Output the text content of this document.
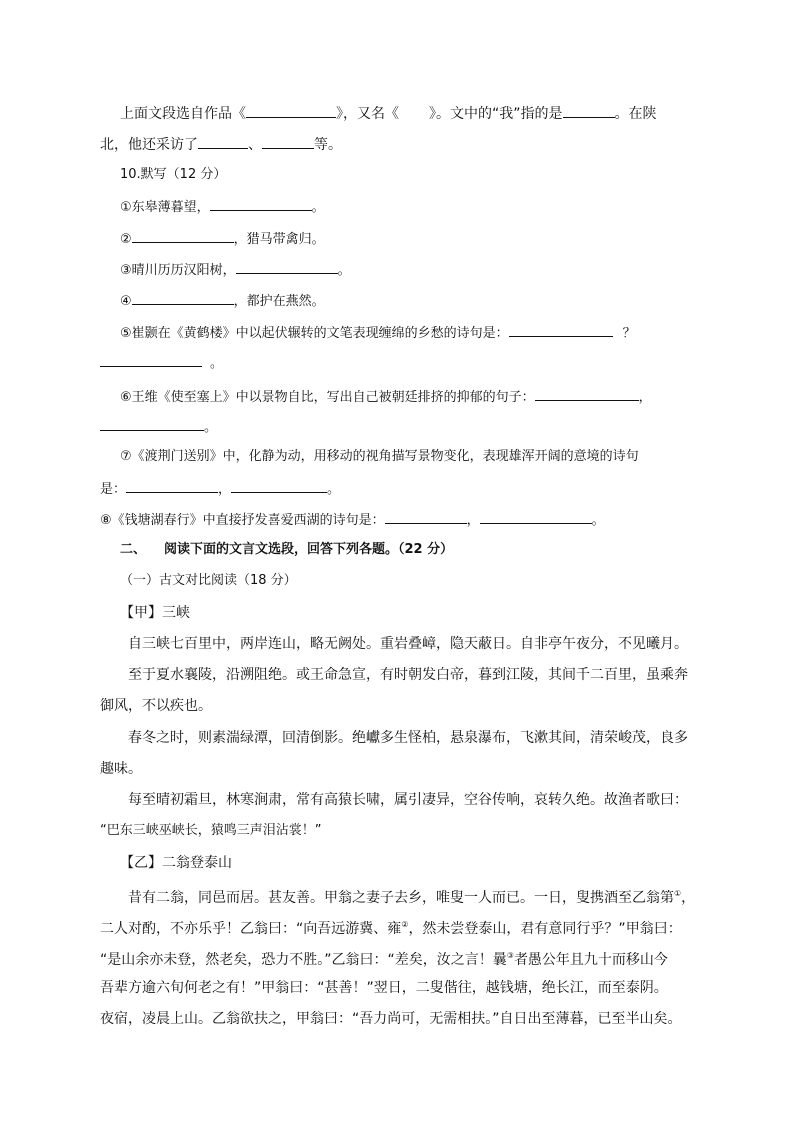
上面文段选自作品《	》，又名《 》。文中的“我”指的是	。在陕
北，他还采访了	、	等。
10.默写（12 分）
①东皋薄暮望，	。
②	，猎马带禽归。
③晴川历历汉阳树，	。
④	，都护在燕然。
⑤崔颢在《黄鹤楼》中以起伏辗转的文笔表现缠绵的乡愁的诗句是：	？
。
⑥王维《使至塞上》中以景物自比，写出自己被朝廷排挤的抑郁的句子：	，
。
⑦《渡荆门送别》中，化静为动，用移动的视角描写景物变化，表现雄浑开阔的意境的诗句
是：	，	。
⑧《钱塘湖春行》中直接抒发喜爱西湖的诗句是：	，	。
二、 阅读下面的文言文选段，回答下列各题。（22 分）
（一）古文对比阅读（18 分）
【甲】三峡
自三峡七百里中，两岸连山，略无阙处。重岩叠嶂，隐天蔽日。自非亭午夜分，不见曦月。
至于夏水襄陵，沿溯阻绝。或王命急宣，有时朝发白帝，暮到江陵，其间千二百里，虽乘奔
御风，不以疾也。
春冬之时，则素湍绿潭，回清倒影。绝巘多生怪柏，悬泉瀑布，飞漱其间，清荣峻茂，良多
趣味。
每至晴初霜旦，林寒涧肃，常有高猿长啸，属引凄异，空谷传响，哀转久绝。故渔者歌曰：
“巴东三峡巫峡长，猿鸣三声泪沾裳！”
【乙】二翁登泰山
昔有二翁，同邑而居。甚友善。甲翁之妻子去乡，唯叟一人而已。一日，叟携酒至乙翁第①，
二人对酌，不亦乐乎！乙翁曰：“向吾远游冀、雍②，然未尝登泰山，君有意同行乎？”甲翁曰：
“是山余亦未登，然老矣，恐力不胜。”乙翁曰：“差矣，汝之言！曩③者愚公年且九十而移山今
吾辈方逾六旬何老之有！”甲翁曰：“甚善！”翌日，二叟偕往，越钱塘，绝长江，而至泰阴。
夜宿，凌晨上山。乙翁欲扶之，甲翁曰：“吾力尚可，无需相扶。”自日出至薄暮，已至半山矣。
